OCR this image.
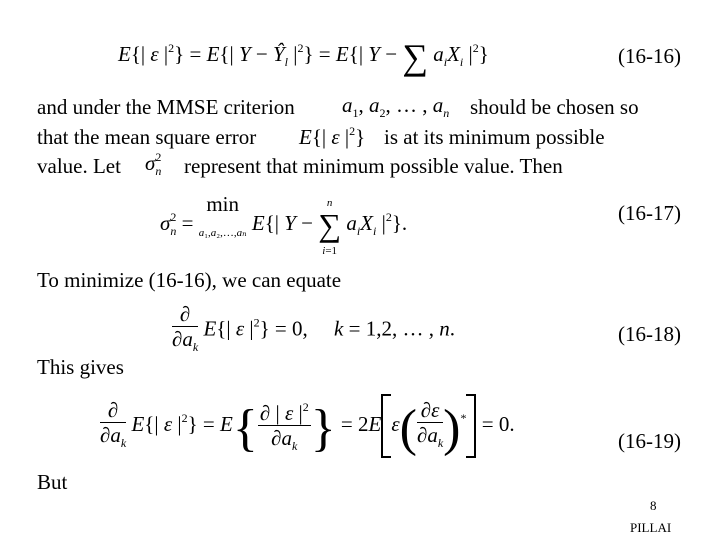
E{| ε $|^2\} = E\{|$ $Y - Ŷ_l$ $|^2\} = E\{|$ Y − ∑ $a_iX_i$ $|^2$}	(16-16)
and under the MMSE criterion $a_1$, $a_2$, … , $a_n$ should be chosen so
that the mean square error E{| ε $|^2$} is at its minimum possible
value. Let $\sigma_n^2$ represent that minimum possible value. Then
$\sigma_n^2 = \min$
a₁,a₂,…,aₙ E{| Y − n
∑
i=1 $a_iX_i$ $|^2$}.	(16-17)
To minimize (16-16), we can equate
$\frac{\partial}{\partial a_k} E\{|$ ε $|^2\} = 0$,     k = 1,2, … , n.	(16-18)
This gives
$\frac{\partial}{\partial a_k} E\{|$ ε $|^2\} = E\{ \frac{\partial | \varepsilon |^2}{\partial a_k}$ } = 2E $\varepsilon( \frac{\partial\varepsilon}{\partial a_k} )^* = 0$.
(16-19)
But
8
PILLAI
